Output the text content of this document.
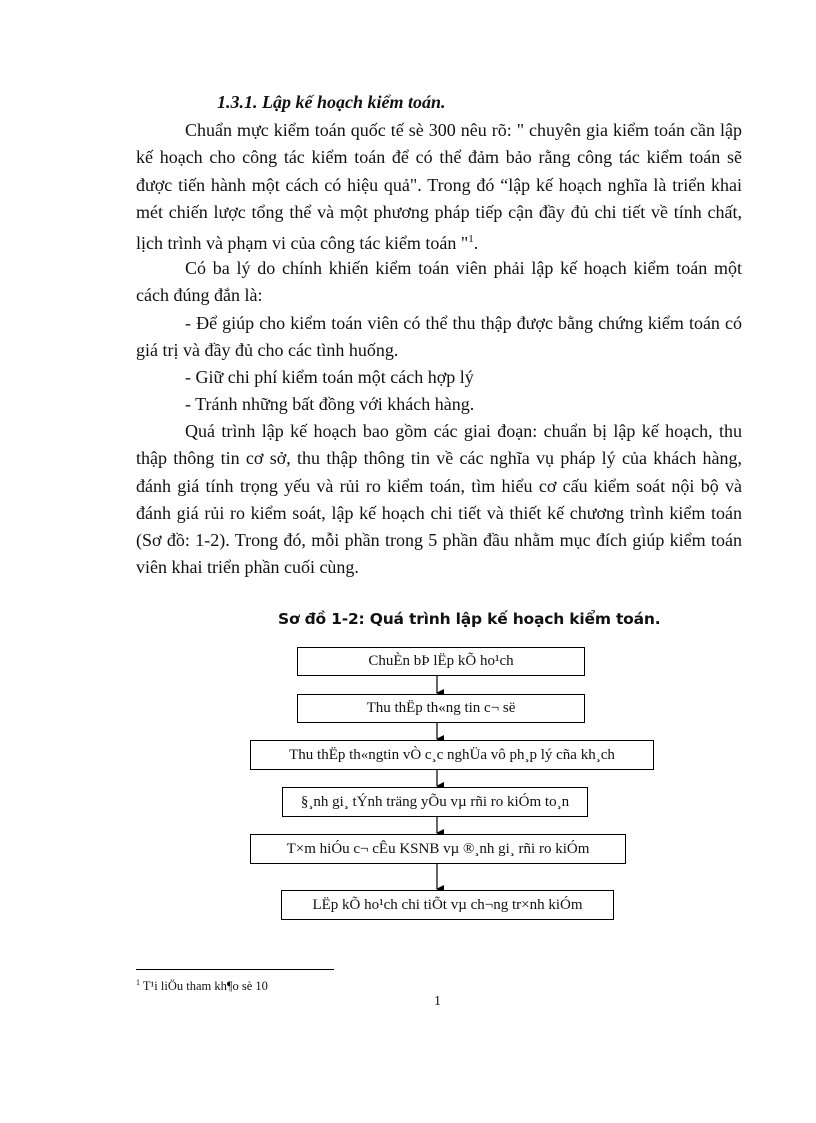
1.3.1. Lập kế hoạch kiểm toán.

Chuẩn mực kiểm toán quốc tế sè 300 nêu rõ: " chuyên gia kiểm toán cần lập kế hoạch cho công tác kiểm toán để có thể đảm bảo rằng công tác kiểm toán sẽ được tiến hành một cách có hiệu quả". Trong đó “lập kế hoạch nghĩa là triển khai mét chiến lược tổng thể và một phương pháp tiếp cận đầy đủ chi tiết về tính chất, lịch trình và phạm vi của công tác kiểm toán "$^1$.

Có ba lý do chính khiến kiểm toán viên phải lập kế hoạch kiểm toán một cách đúng đắn là:

- Để giúp cho kiểm toán viên có thể thu thập được bằng chứng kiểm toán có giá trị và đầy đủ cho các tình huống.

- Giữ chi phí kiểm toán một cách hợp lý

- Tránh những bất đồng với khách hàng.

Quá trình lập kế hoạch bao gồm các giai đoạn: chuẩn bị lập kế hoạch, thu thập thông tin cơ sở, thu thập thông tin về các nghĩa vụ pháp lý của khách hàng, đánh giá tính trọng yếu và rủi ro kiểm toán, tìm hiểu cơ cấu kiểm soát nội bộ và đánh giá rủi ro kiểm soát, lập kế hoạch chi tiết và thiết kế chương trình kiểm toán (Sơ đồ: 1-2). Trong đó, mỗi phần trong 5 phần đầu nhằm mục đích giúp kiểm toán viên khai triển phần cuối cùng.

Sơ đồ 1-2: Quá trình lập kế hoạch kiểm toán.
ChuÈn bÞ lËp kÕ ho¹ch
Thu thËp th«ng tin c¬ së
Thu thËp th«ngtin vÒ c¸c nghÜa vô ph¸p lý cña kh¸ch
§¸nh gi¸ tÝnh träng yÕu vµ rñi ro kiÓm to¸n
T×m hiÓu c¬ cÊu KSNB vµ ®¸nh gi¸ rñi ro kiÓm
LËp kÕ ho¹ch chi tiÕt vµ ch¬ng tr×nh kiÓm
$^1$ T¹i liÖu tham kh¶o sè 10
1
